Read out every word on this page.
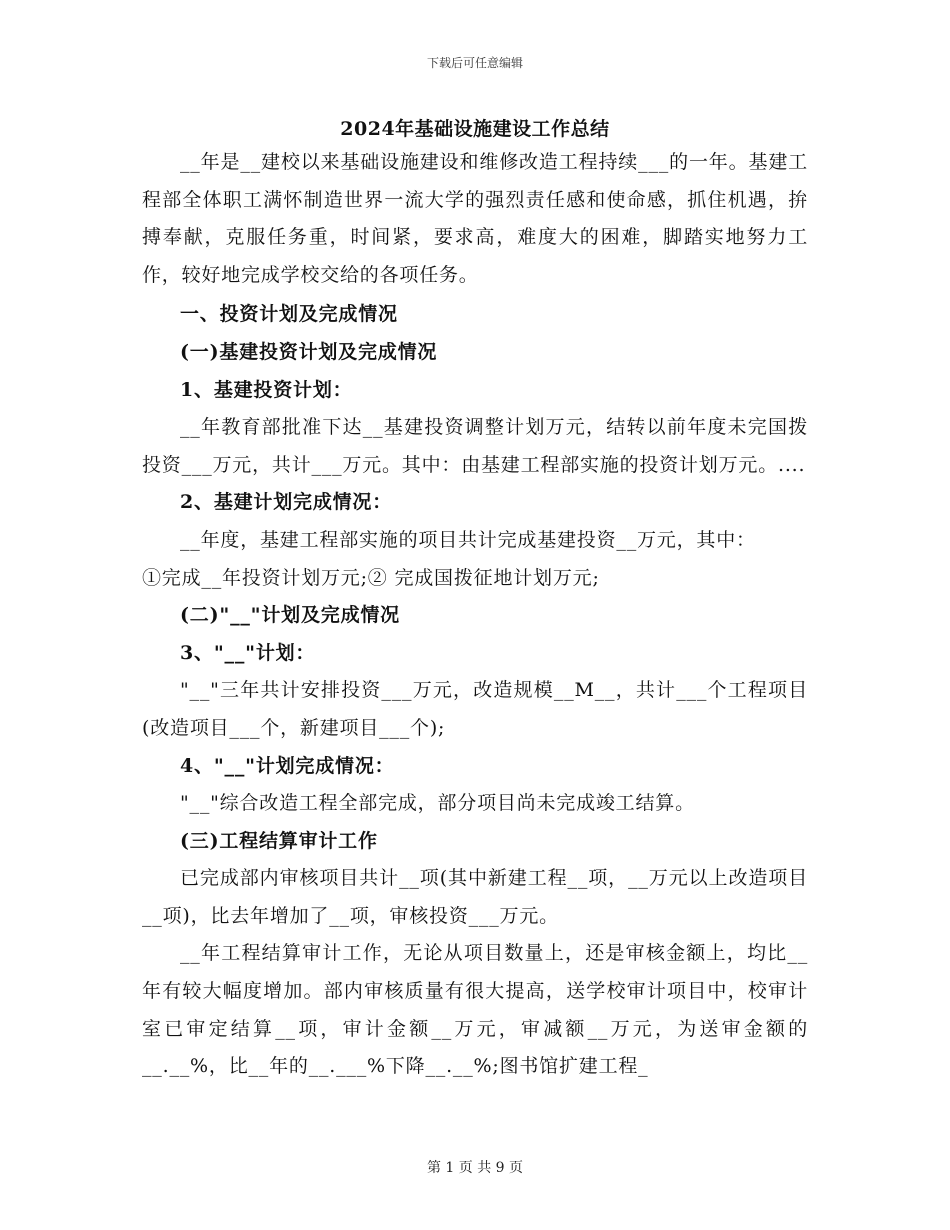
下载后可任意编辑
2024年基础设施建设工作总结

__年是__建校以来基础设施建设和维修改造工程持续___的一年。基建工程部全体职工满怀制造世界一流大学的强烈责任感和使命感，抓住机遇，拚搏奉献，克服任务重，时间紧，要求高，难度大的困难，脚踏实地努力工作，较好地完成学校交给的各项任务。

一、投资计划及完成情况

(一)基建投资计划及完成情况

1、基建投资计划：

__年教育部批准下达__基建投资调整计划万元，结转以前年度未完国拨投资___万元，共计___万元。其中：由基建工程部实施的投资计划万元。....

2、基建计划完成情况：

__年度，基建工程部实施的项目共计完成基建投资__万元，其中：

①完成__年投资计划万元;② 完成国拨征地计划万元;

(二)"__"计划及完成情况

3、"__"计划：

"__"三年共计安排投资___万元，改造规模__M__，共计___个工程项目(改造项目___个，新建项目___个);

4、"__"计划完成情况：

"__"综合改造工程全部完成，部分项目尚未完成竣工结算。

(三)工程结算审计工作

已完成部内审核项目共计__项(其中新建工程__项，__万元以上改造项目__项)，比去年增加了__项，审核投资___万元。

__年工程结算审计工作，无论从项目数量上，还是审核金额上，均比__年有较大幅度增加。部内审核质量有很大提高，送学校审计项目中，校审计室已审定结算__项，审计金额__万元，审减额__万元，为送审金额的__.__%，比__年的__.___%下降__.__%;图书馆扩建工程_

第 1 页 共 9 页
